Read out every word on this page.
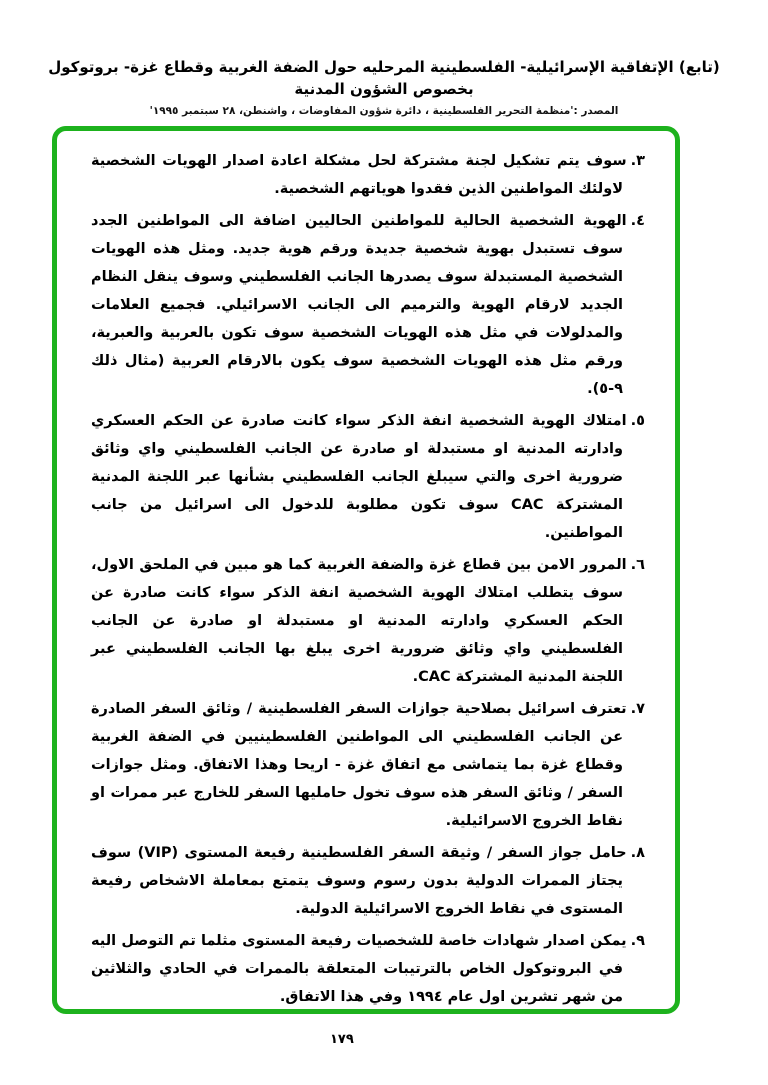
(تابع) الإتفاقية الإسرائيلية- الفلسطينية المرحليه حول الضفة الغربية وقطاع غزة- بروتوكول بخصوص الشؤون المدنية
المصدر :'منظمة التحرير الفلسطينية ، دائرة شؤون المفاوضات ، واشنطن، ٢٨ سبتمبر ١٩٩٥'

٣.سوف يتم تشكيل لجنة مشتركة لحل مشكلة اعادة اصدار الهويات الشخصية لاولئك المواطنين الذين فقدوا هوياتهم الشخصية.

٤.الهوية الشخصية الحالية للمواطنين الحاليين اضافة الى المواطنين الجدد سوف تستبدل بهوية شخصية جديدة ورقم هوية جديد. ومثل هذه الهويات الشخصية المستبدلة سوف يصدرها الجانب الفلسطيني وسوف ينقل النظام الجديد لارقام الهوية والترميم الى الجانب الاسرائيلي. فجميع العلامات والمدلولات في مثل هذه الهويات الشخصية سوف تكون بالعربية والعبرية، ورقم مثل هذه الهويات الشخصية سوف يكون بالارقام العربية (مثال ذلك ٩-٥).

٥.امتلاك الهوية الشخصية انفة الذكر سواء كانت صادرة عن الحكم العسكري وادارته المدنية او مستبدلة او صادرة عن الجانب الفلسطيني واي وثائق ضرورية اخرى والتي سيبلغ الجانب الفلسطيني بشأنها عبر اللجنة المدنية المشتركة CAC سوف تكون مطلوبة للدخول الى اسرائيل من جانب المواطنين.

٦.المرور الامن بين قطاع غزة والضفة الغربية كما هو مبين في الملحق الاول، سوف يتطلب امتلاك الهوية الشخصية انفة الذكر سواء كانت صادرة عن الحكم العسكري وادارته المدنية او مستبدلة او صادرة عن الجانب الفلسطيني واي وثائق ضرورية اخرى يبلغ بها الجانب الفلسطيني عبر اللجنة المدنية المشتركة CAC.

٧.تعترف اسرائيل بصلاحية جوازات السفر الفلسطينية / وثائق السفر الصادرة عن الجانب الفلسطيني الى المواطنين الفلسطينيين في الضفة الغربية وقطاع غزة بما يتماشى مع اتفاق غزة - اريحا وهذا الاتفاق. ومثل جوازات السفر / وثائق السفر هذه سوف تخول حامليها السفر للخارج عبر ممرات او نقاط الخروج الاسرائيلية.

٨.حامل جواز السفر / وثيقة السفر الفلسطينية رفيعة المستوى (VIP) سوف يجتاز الممرات الدولية بدون رسوم وسوف يتمتع بمعاملة الاشخاص رفيعة المستوى في نقاط الخروج الاسرائيلية الدولية.

٩.يمكن اصدار شهادات خاصة للشخصيات رفيعة المستوى مثلما تم التوصل اليه في البروتوكول الخاص بالترتيبات المتعلقة بالممرات في الحادي والثلاثين من شهر تشرين اول عام ١٩٩٤ وفي هذا الاتفاق.

١٧٩
